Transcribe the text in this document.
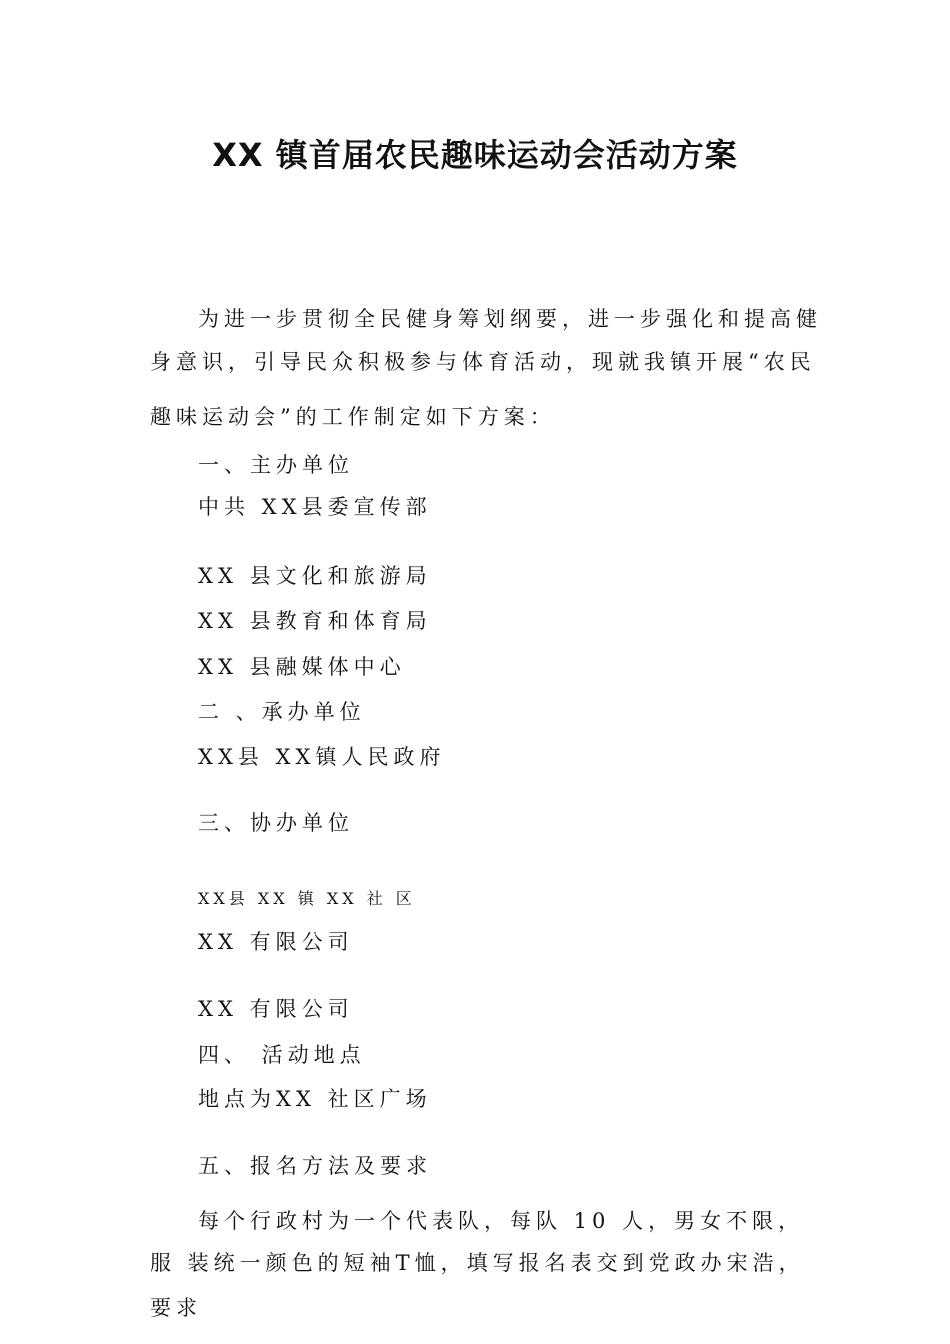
XX 镇首届农民趣味运动会活动方案
为进一步贯彻全民健身筹划纲要，进一步强化和提高健
身意识，引导民众积极参与体育活动，现就我镇开展“农民
趣味运动会”的工作制定如下方案：
一、主办单位
中共 XX县委宣传部
XX 县文化和旅游局
XX 县教育和体育局
XX 县融媒体中心
二 、承办单位
XX县 XX镇人民政府
三、协办单位
XX县 XX 镇 XX 社 区
XX 有限公司
XX 有限公司
四、 活动地点
地点为XX 社区广场
五、报名方法及要求
每个行政村为一个代表队，每队 10 人，男女不限，
服 装统一颜色的短袖T恤，填写报名表交到党政办宋浩，
要求
